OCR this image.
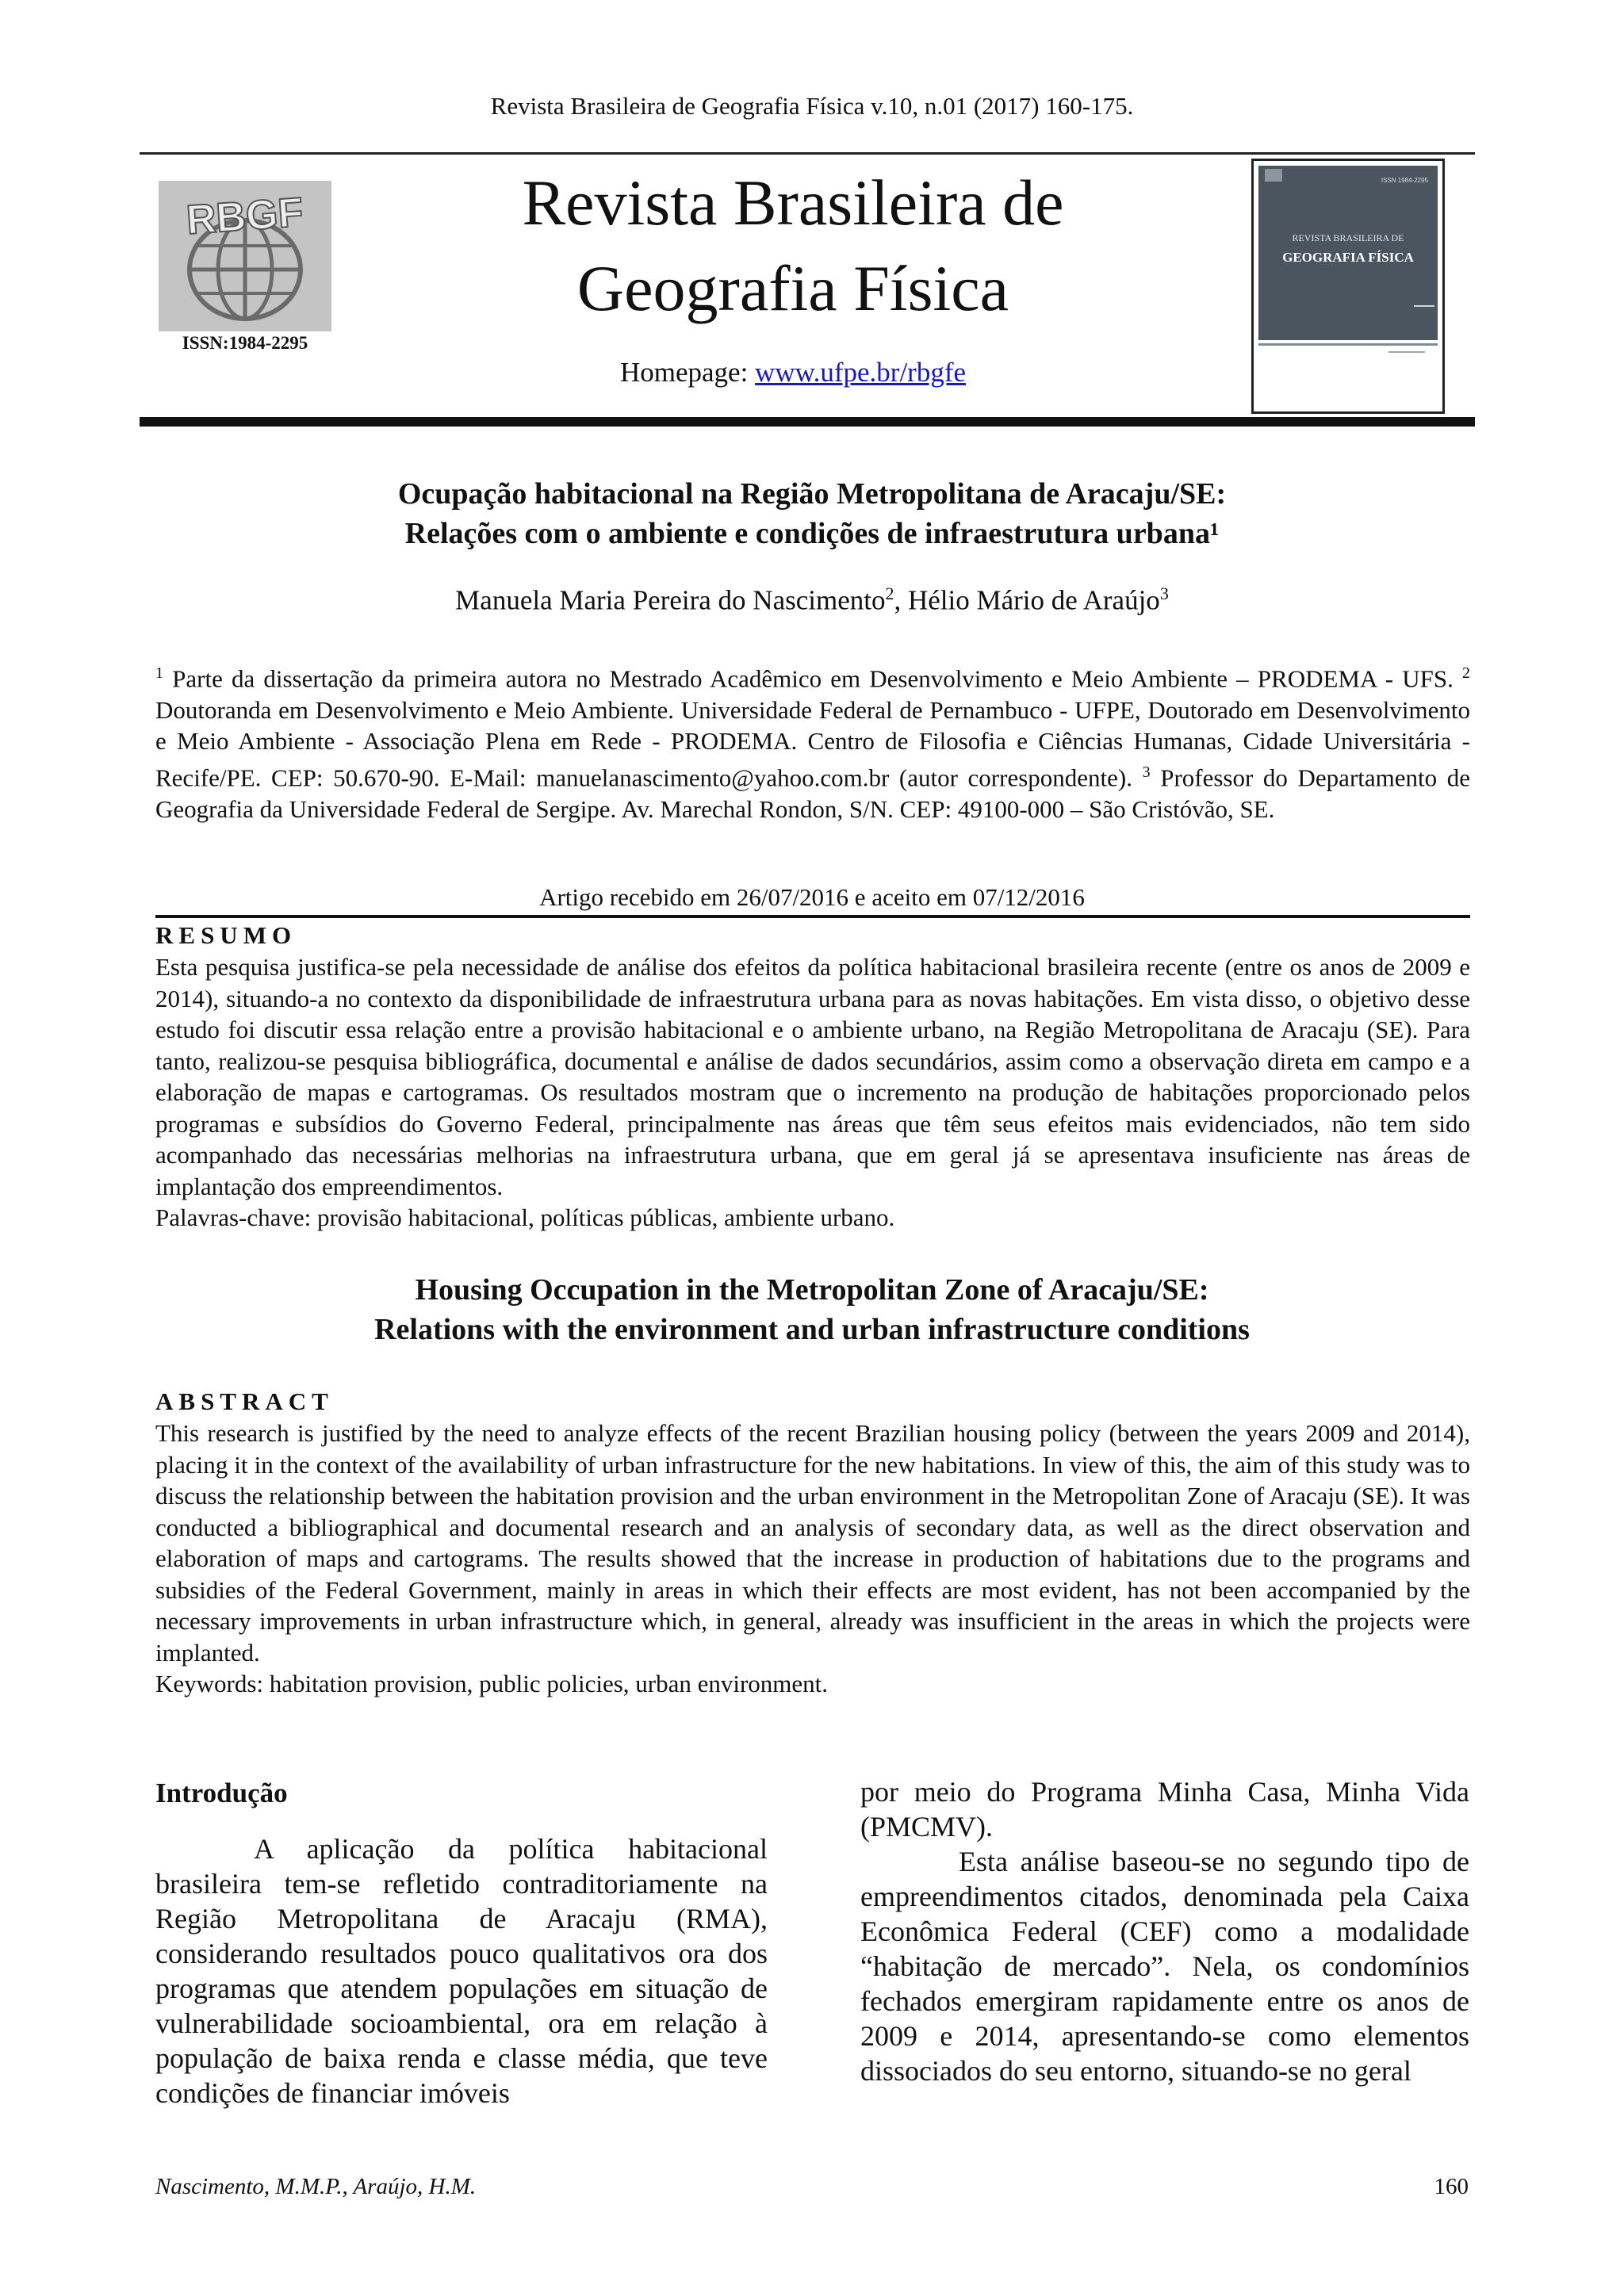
Revista Brasileira de Geografia Física v.10, n.01 (2017) 160-175.
RBGF
ISSN:1984-2295
Revista Brasileira de
Geografia Física
Homepage: www.ufpe.br/rbgfe
ISSN 1984-2295
REVISTA BRASILEIRA DE
GEOGRAFIA FÍSICA
Ocupação habitacional na Região Metropolitana de Aracaju/SE:
Relações com o ambiente e condições de infraestrutura urbana¹
Manuela Maria Pereira do Nascimento$^2$, Hélio Mário de Araújo$^3$

$^1$ Parte da dissertação da primeira autora no Mestrado Acadêmico em Desenvolvimento e Meio Ambiente – PRODEMA - UFS. $^2$ Doutoranda em Desenvolvimento e Meio Ambiente. Universidade Federal de Pernambuco - UFPE, Doutorado em Desenvolvimento e Meio Ambiente - Associação Plena em Rede - PRODEMA. Centro de Filosofia e Ciências Humanas, Cidade Universitária - Recife/PE. CEP: 50.670-90. E-Mail: manuelanascimento@yahoo.com.br (autor correspondente). $^3$ Professor do Departamento de Geografia da Universidade Federal de Sergipe. Av. Marechal Rondon, S/N. CEP: 49100-000 – São Cristóvão, SE.

Artigo recebido em 26/07/2016 e aceito em 07/12/2016
RESUMO

Esta pesquisa justifica-se pela necessidade de análise dos efeitos da política habitacional brasileira recente (entre os anos de 2009 e 2014), situando-a no contexto da disponibilidade de infraestrutura urbana para as novas habitações. Em vista disso, o objetivo desse estudo foi discutir essa relação entre a provisão habitacional e o ambiente urbano, na Região Metropolitana de Aracaju (SE). Para tanto, realizou-se pesquisa bibliográfica, documental e análise de dados secundários, assim como a observação direta em campo e a elaboração de mapas e cartogramas. Os resultados mostram que o incremento na produção de habitações proporcionado pelos programas e subsídios do Governo Federal, principalmente nas áreas que têm seus efeitos mais evidenciados, não tem sido acompanhado das necessárias melhorias na infraestrutura urbana, que em geral já se apresentava insuficiente nas áreas de implantação dos empreendimentos.

Palavras-chave: provisão habitacional, políticas públicas, ambiente urbano.

Housing Occupation in the Metropolitan Zone of Aracaju/SE:
Relations with the environment and urban infrastructure conditions
ABSTRACT

This research is justified by the need to analyze effects of the recent Brazilian housing policy (between the years 2009 and 2014), placing it in the context of the availability of urban infrastructure for the new habitations. In view of this, the aim of this study was to discuss the relationship between the habitation provision and the urban environment in the Metropolitan Zone of Aracaju (SE). It was conducted a bibliographical and documental research and an analysis of secondary data, as well as the direct observation and elaboration of maps and cartograms. The results showed that the increase in production of habitations due to the programs and subsidies of the Federal Government, mainly in areas in which their effects are most evident, has not been accompanied by the necessary improvements in urban infrastructure which, in general, already was insufficient in the areas in which the projects were implanted.

Keywords: habitation provision, public policies, urban environment.

Introdução

A aplicação da política habitacional brasileira tem-se refletido contraditoriamente na Região Metropolitana de Aracaju (RMA), considerando resultados pouco qualitativos ora dos programas que atendem populações em situação de vulnerabilidade socioambiental, ora em relação à população de baixa renda e classe média, que teve condições de financiar imóveis

por meio do Programa Minha Casa, Minha Vida (PMCMV).

Esta análise baseou-se no segundo tipo de empreendimentos citados, denominada pela Caixa Econômica Federal (CEF) como a modalidade “habitação de mercado”. Nela, os condomínios fechados emergiram rapidamente entre os anos de 2009 e 2014, apresentando-se como elementos dissociados do seu entorno, situando-se no geral

Nascimento, M.M.P., Araújo, H.M.	160
